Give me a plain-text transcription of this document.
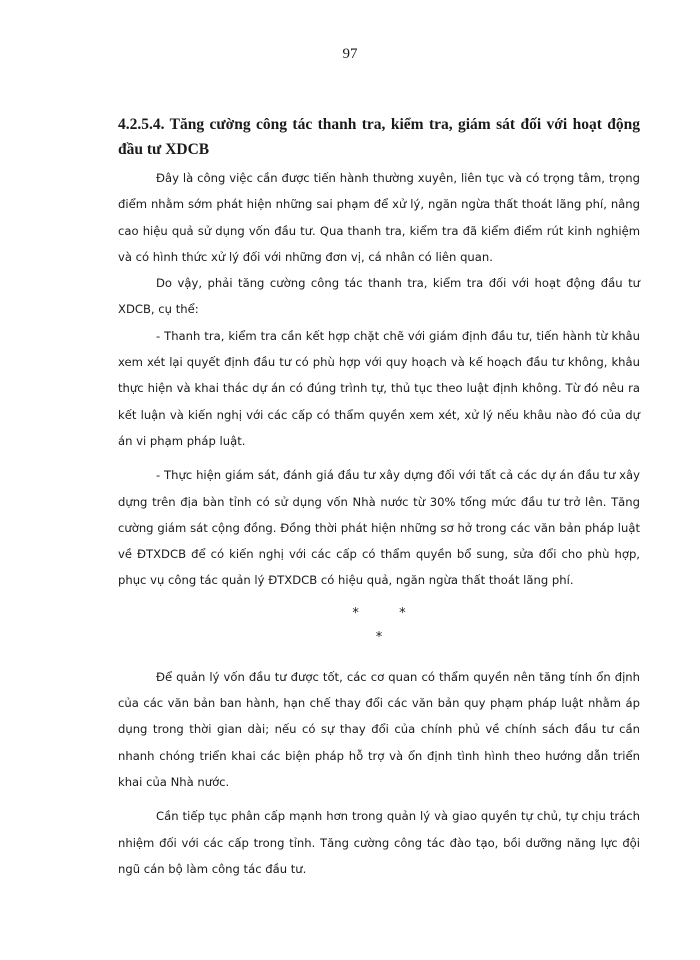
97
4.2.5.4. Tăng cường công tác thanh tra, kiểm tra, giám sát đối với hoạt động đầu tư XDCB

Đây là công việc cần được tiến hành thường xuyên, liên tục và có trọng tâm, trọng điểm nhằm sớm phát hiện những sai phạm để xử lý, ngăn ngừa thất thoát lãng phí, nâng cao hiệu quả sử dụng vốn đầu tư. Qua thanh tra, kiểm tra đã kiểm điểm rút kinh nghiệm và có hình thức xử lý đối với những đơn vị, cá nhân có liên quan.

Do vậy, phải tăng cường công tác thanh tra, kiểm tra đối với hoạt động đầu tư XDCB, cụ thể:

- Thanh tra, kiểm tra cần kết hợp chặt chẽ với giám định đầu tư, tiến hành từ khâu xem xét lại quyết định đầu tư có phù hợp với quy hoạch và kế hoạch đầu tư không, khâu thực hiện và khai thác dự án có đúng trình tự, thủ tục theo luật định không. Từ đó nêu ra kết luận và kiến nghị với các cấp có thẩm quyền xem xét, xử lý nếu khâu nào đó của dự án vi phạm pháp luật.

- Thực hiện giám sát, đánh giá đầu tư xây dựng đối với tất cả các dự án đầu tư xây dựng trên địa bàn tỉnh có sử dụng vốn Nhà nước từ 30% tổng mức đầu tư trở lên. Tăng cường giám sát cộng đồng. Đồng thời phát hiện những sơ hở trong các văn bản pháp luật về ĐTXDCB để có kiến nghị với các cấp có thẩm quyền bổ sung, sửa đổi cho phù hợp, phục vụ công tác quản lý ĐTXDCB có hiệu quả, ngăn ngừa thất thoát lãng phí.

*	*
*

Để quản lý vốn đầu tư được tốt, các cơ quan có thẩm quyền nên tăng tính ổn định của các văn bản ban hành, hạn chế thay đổi các văn bản quy phạm pháp luật nhằm áp dụng trong thời gian dài; nếu có sự thay đổi của chính phủ về chính sách đầu tư cần nhanh chóng triển khai các biện pháp hỗ trợ và ổn định tình hình theo hướng dẫn triển khai của Nhà nước.

Cần tiếp tục phân cấp mạnh hơn trong quản lý và giao quyền tự chủ, tự chịu trách nhiệm đối với các cấp trong tỉnh. Tăng cường công tác đào tạo, bồi dưỡng năng lực đội ngũ cán bộ làm công tác đầu tư.
